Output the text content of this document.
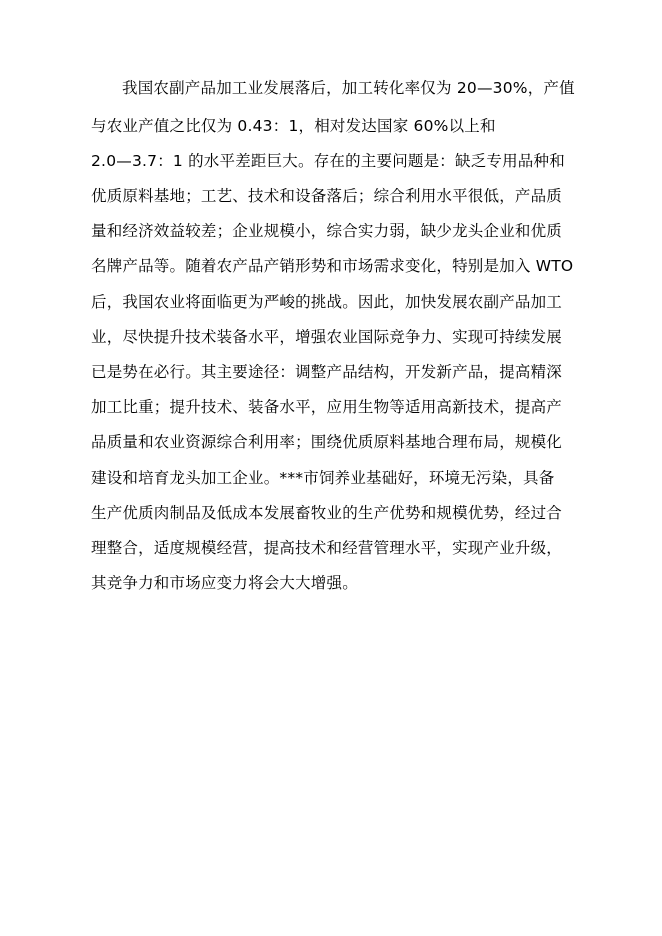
我国农副产品加工业发展落后，加工转化率仅为 20—30%，产值
与农业产值之比仅为 0.43：1，相对发达国家 60%以上和
2.0—3.7：1 的水平差距巨大。存在的主要问题是：缺乏专用品种和
优质原料基地；工艺、技术和设备落后；综合利用水平很低，产品质
量和经济效益较差；企业规模小，综合实力弱，缺少龙头企业和优质
名牌产品等。随着农产品产销形势和市场需求变化，特别是加入 WTO
后，我国农业将面临更为严峻的挑战。因此，加快发展农副产品加工
业，尽快提升技术装备水平，增强农业国际竞争力、实现可持续发展
已是势在必行。其主要途径：调整产品结构，开发新产品，提高精深
加工比重；提升技术、装备水平，应用生物等适用高新技术，提高产
品质量和农业资源综合利用率；围绕优质原料基地合理布局，规模化
建设和培育龙头加工企业。***市饲养业基础好，环境无污染，具备
生产优质肉制品及低成本发展畜牧业的生产优势和规模优势，经过合
理整合，适度规模经营，提高技术和经营管理水平，实现产业升级，
其竞争力和市场应变力将会大大增强。
